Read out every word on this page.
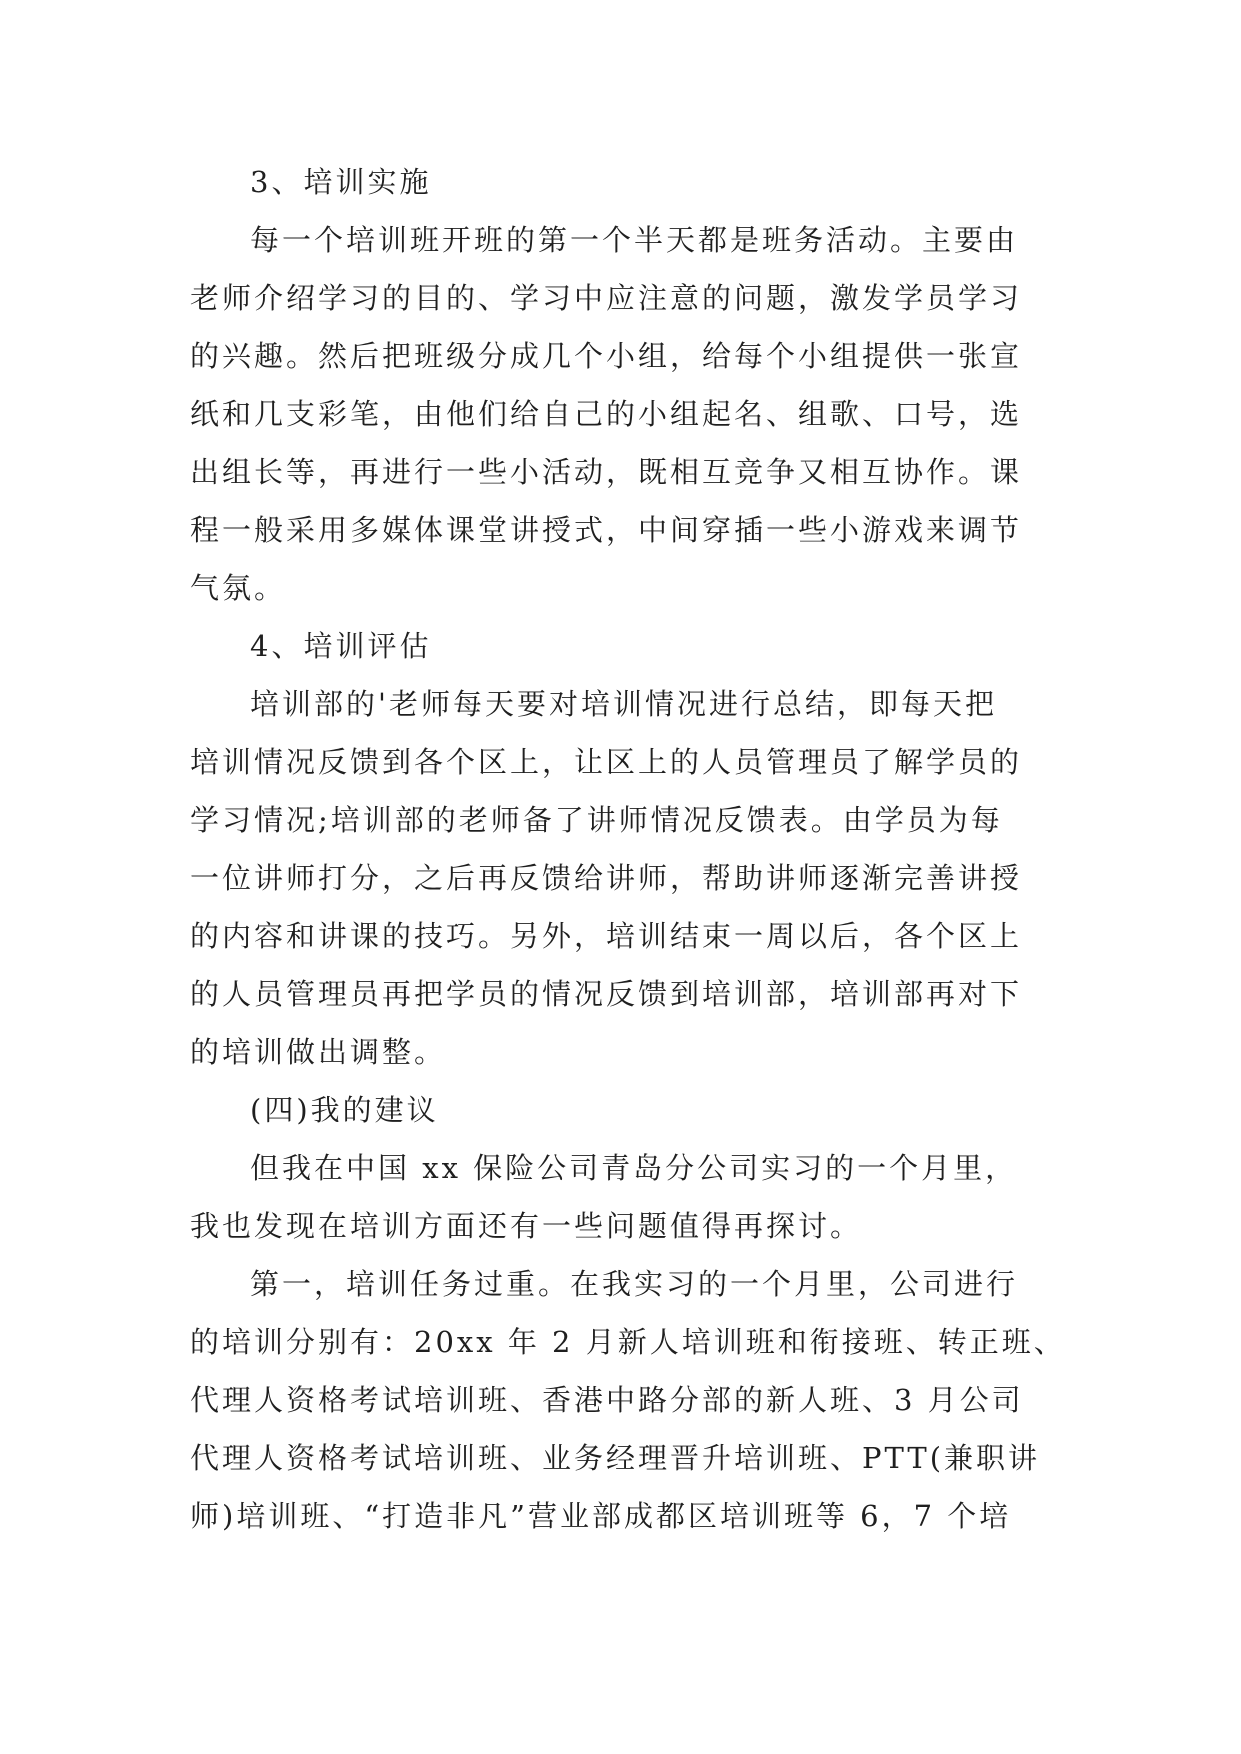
3、培训实施
每一个培训班开班的第一个半天都是班务活动。主要由
老师介绍学习的目的、学习中应注意的问题，激发学员学习
的兴趣。然后把班级分成几个小组，给每个小组提供一张宣
纸和几支彩笔，由他们给自己的小组起名、组歌、口号，选
出组长等，再进行一些小活动，既相互竞争又相互协作。课
程一般采用多媒体课堂讲授式，中间穿插一些小游戏来调节
气氛。
4、培训评估
培训部的'老师每天要对培训情况进行总结，即每天把
培训情况反馈到各个区上，让区上的人员管理员了解学员的
学习情况;培训部的老师备了讲师情况反馈表。由学员为每
一位讲师打分，之后再反馈给讲师，帮助讲师逐渐完善讲授
的内容和讲课的技巧。另外，培训结束一周以后，各个区上
的人员管理员再把学员的情况反馈到培训部，培训部再对下
的培训做出调整。
(四)我的建议
但我在中国 xx 保险公司青岛分公司实习的一个月里，
我也发现在培训方面还有一些问题值得再探讨。
第一，培训任务过重。在我实习的一个月里，公司进行
的培训分别有：20xx 年 2 月新人培训班和衔接班、转正班、
代理人资格考试培训班、香港中路分部的新人班、3 月公司
代理人资格考试培训班、业务经理晋升培训班、PTT(兼职讲
师)培训班、“打造非凡”营业部成都区培训班等 6，7 个培
